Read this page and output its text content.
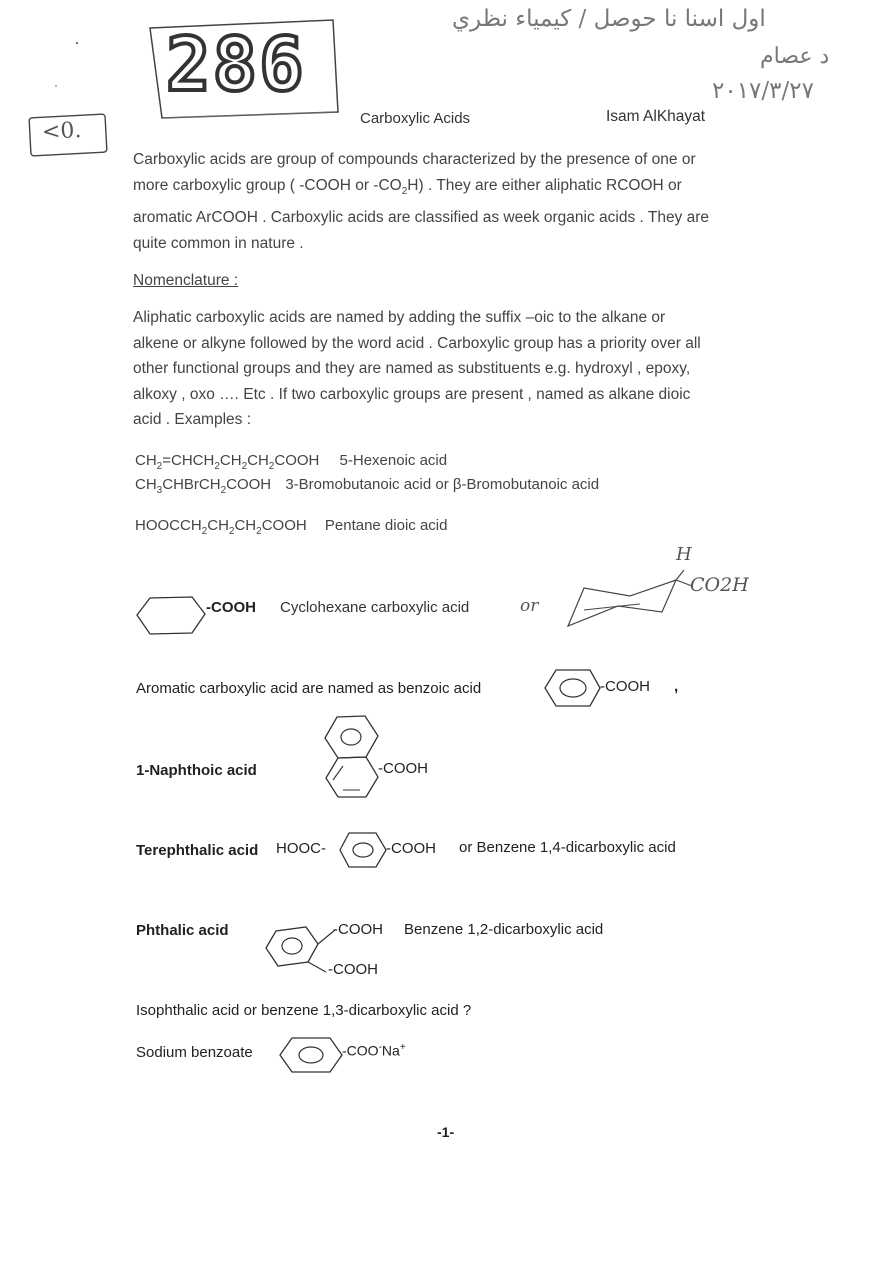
286
<0.
اول اسنا نا حوصل / كيمياء نظري
د عصام
٢٠١٧/٣/٢٧
Carboxylic Acids	Isam AlKhayat
Carboxylic acids are group of compounds characterized by the presence of one or
more carboxylic group ( -COOH or $-CO_2H$) . They are either aliphatic RCOOH or
aromatic ArCOOH . Carboxylic acids are classified as week organic acids . They are
quite common in nature .
Nomenclature :
Aliphatic carboxylic acids are named by adding the suffix –oic to the alkane or
alkene or alkyne followed by the word acid . Carboxylic group has a priority over all
other functional groups and they are named as substituents e.g. hydroxyl , epoxy,
alkoxy , oxo …. Etc . If two carboxylic groups are present , named as alkane dioic
acid . Examples :
$CH_2=CHCH_2CH_2CH_2COOH$ 5-Hexenoic acid
$CH_3CHBrCH_2COOH$ 3-Bromobutanoic acid or β-Bromobutanoic acid
$HOOCCH_2CH_2CH_2COOH$ Pentane dioic acid
-COOH Cyclohexane carboxylic acid	or
H
CO2H
Aromatic carboxylic acid are named as benzoic acid	-COOH ,
1-Naphthoic acid	-COOH
Terephthalic acid HOOC-	-COOH or Benzene 1,4-dicarboxylic acid
Phthalic acid	-COOH
-COOH
Benzene 1,2-dicarboxylic acid
Isophthalic acid or benzene 1,3-dicarboxylic acid ?
Sodium benzoate	-COO-Na+
-1-
